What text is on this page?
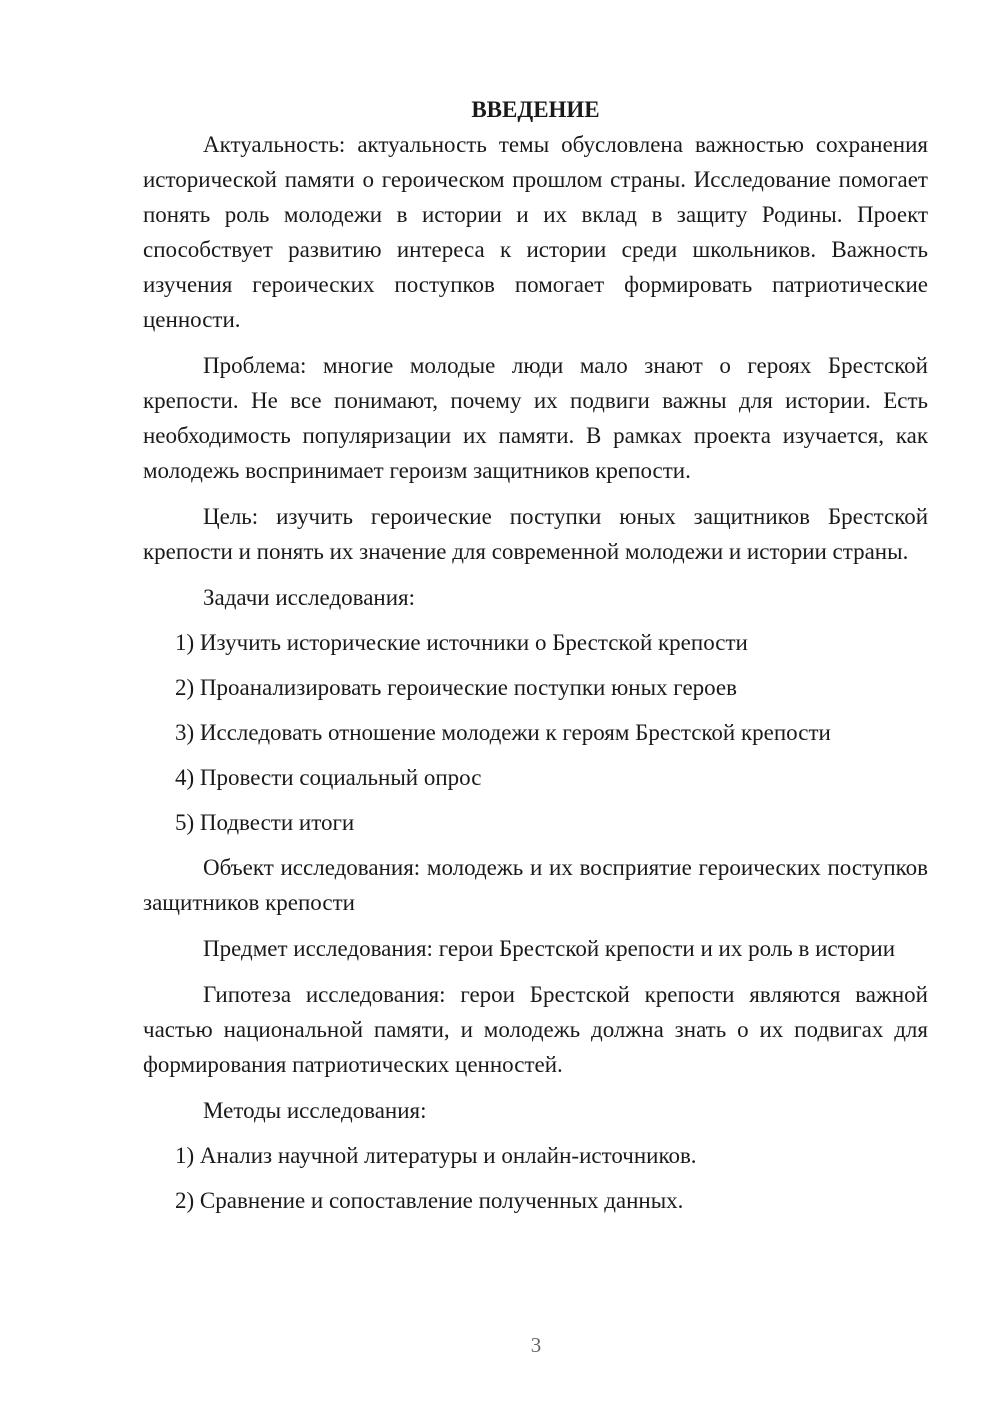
ВВЕДЕНИЕ

Актуальность: актуальность темы обусловлена важностью сохранения исторической памяти о героическом прошлом страны. Исследование помогает понять роль молодежи в истории и их вклад в защиту Родины. Проект способствует развитию интереса к истории среди школьников. Важность изучения героических поступков помогает формировать патриотические ценности.

Проблема: многие молодые люди мало знают о героях Брестской крепости. Не все понимают, почему их подвиги важны для истории. Есть необходимость популяризации их памяти. В рамках проекта изучается, как молодежь воспринимает героизм защитников крепости.

Цель: изучить героические поступки юных защитников Брестской крепости и понять их значение для современной молодежи и истории страны.

Задачи исследования:

1) Изучить исторические источники о Брестской крепости
2) Проанализировать героические поступки юных героев
3) Исследовать отношение молодежи к героям Брестской крепости
4) Провести социальный опрос
5) Подвести итоги

Объект исследования: молодежь и их восприятие героических поступков защитников крепости

Предмет исследования: герои Брестской крепости и их роль в истории

Гипотеза исследования: герои Брестской крепости являются важной частью национальной памяти, и молодежь должна знать о их подвигах для формирования патриотических ценностей.

Методы исследования:

1) Анализ научной литературы и онлайн-источников.
2) Сравнение и сопоставление полученных данных.
3
